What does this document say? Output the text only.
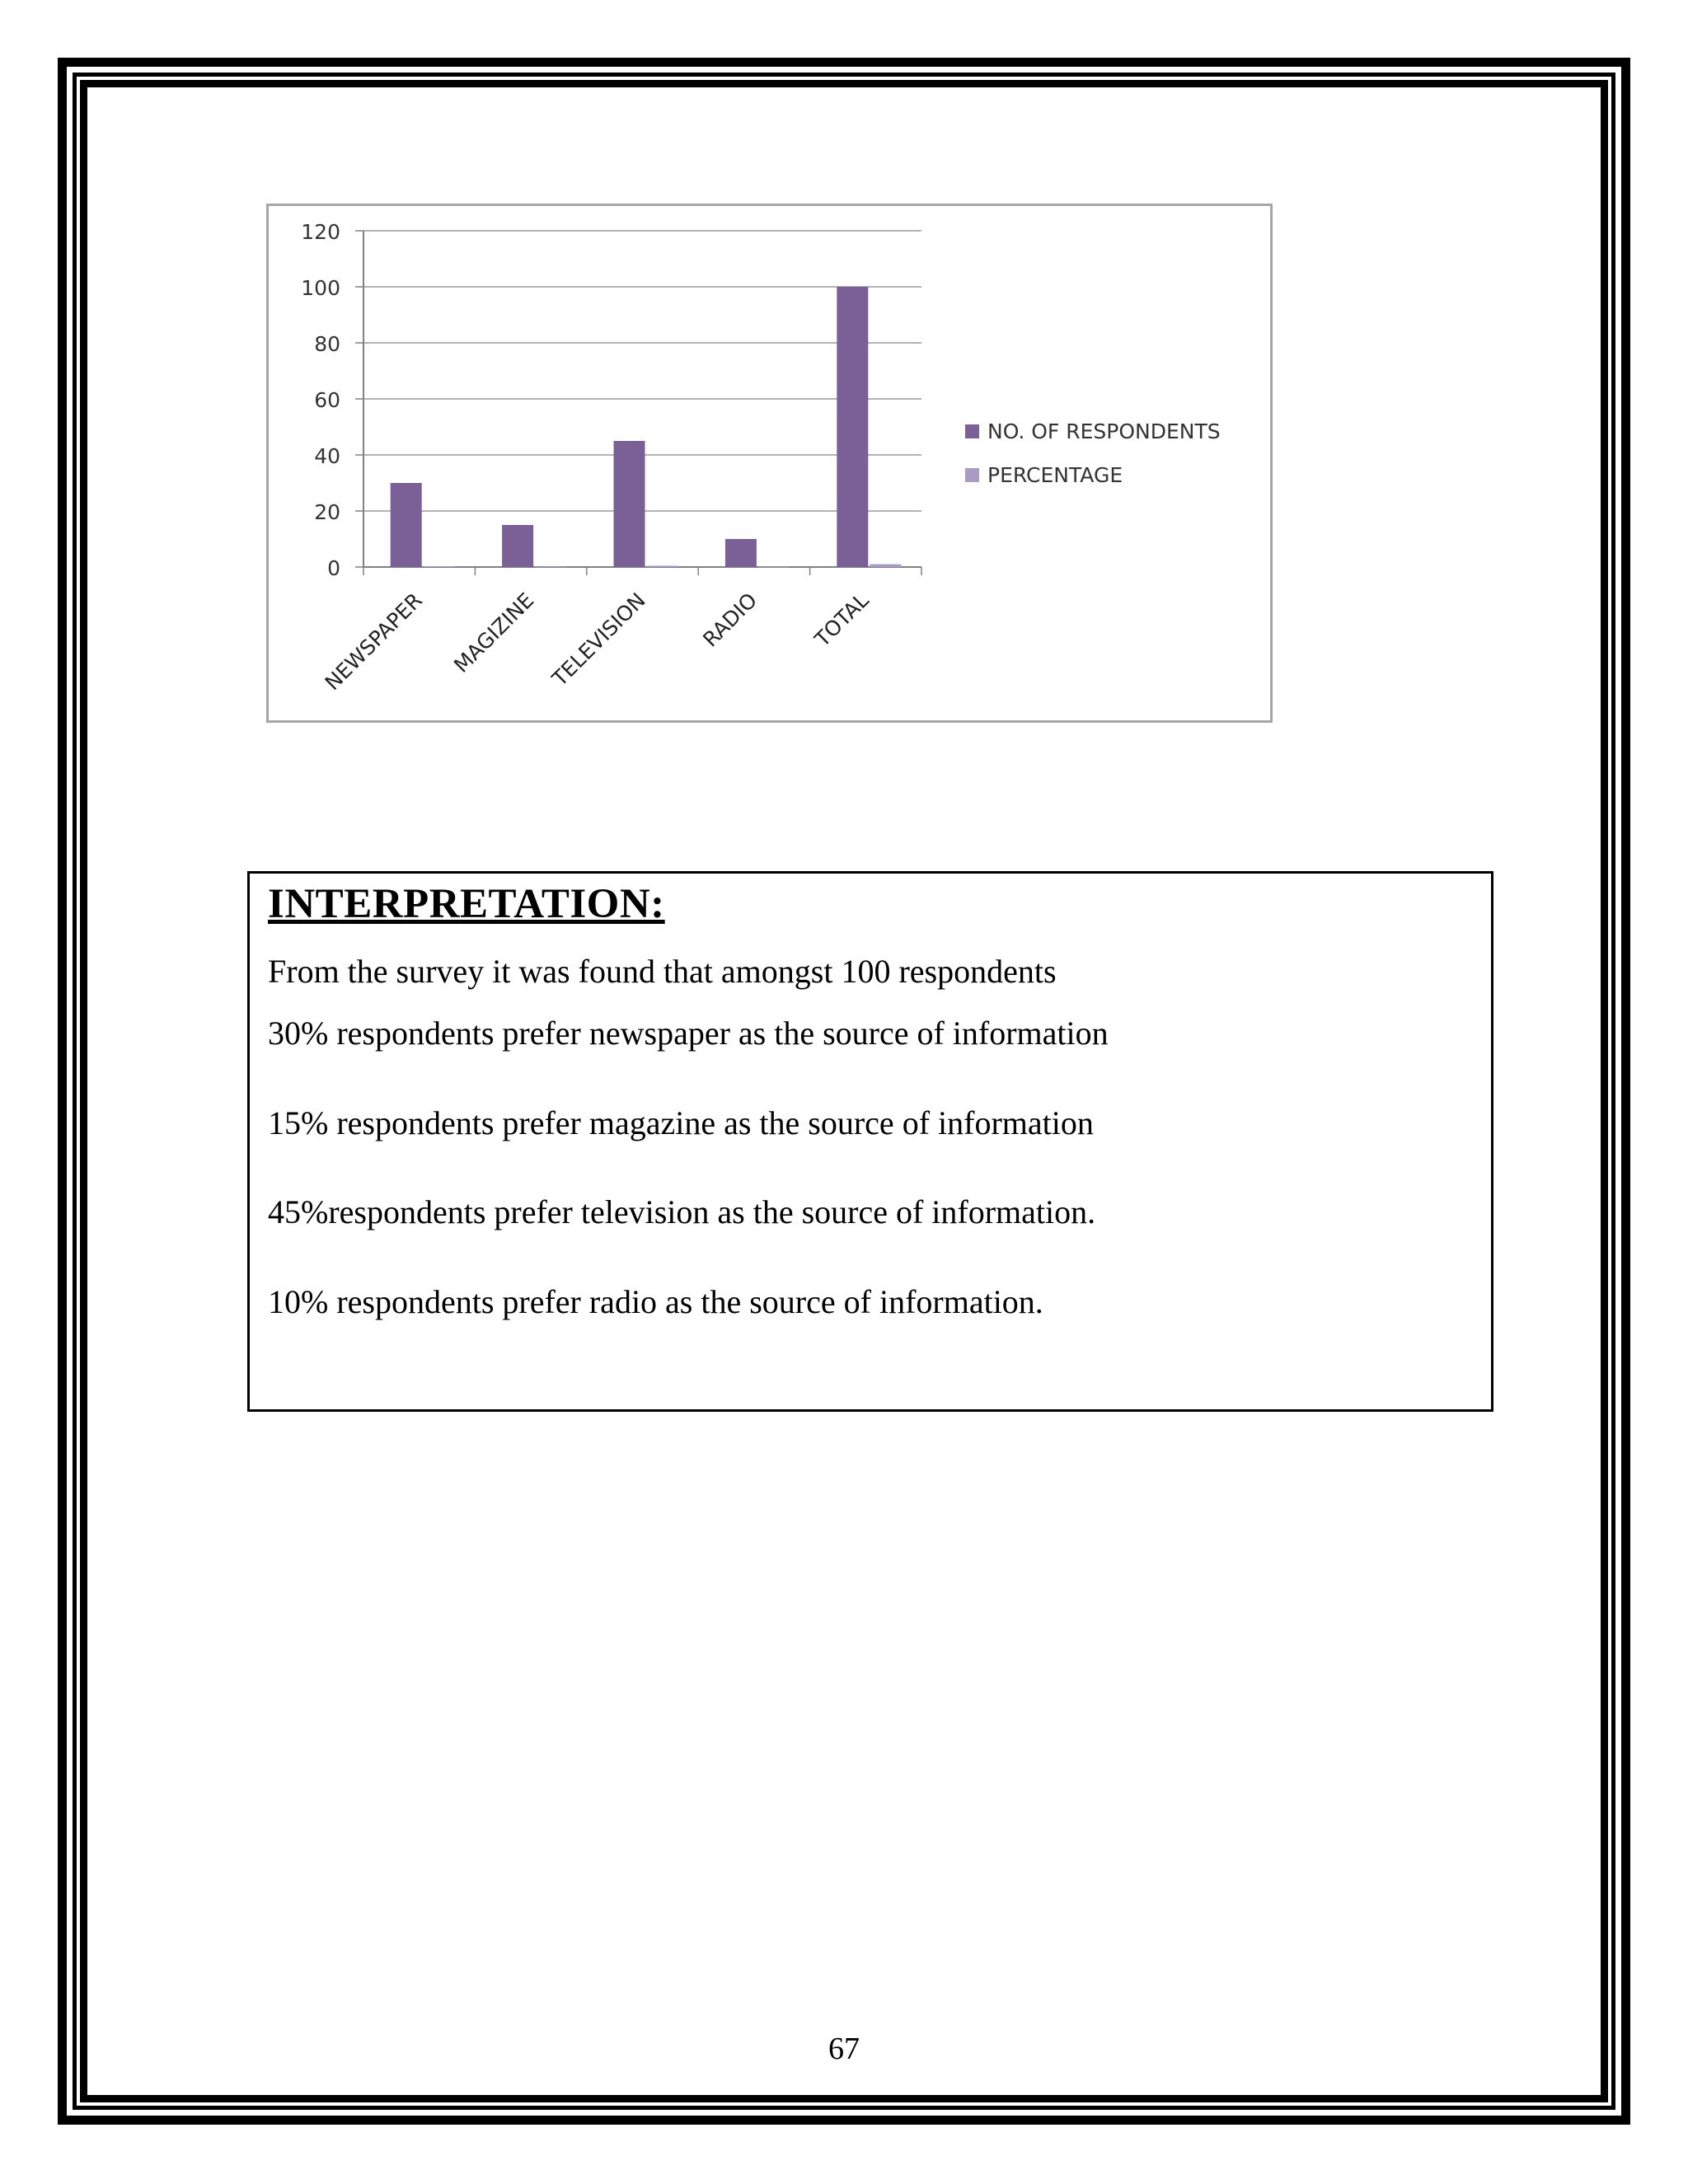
0
20
40
60
80
100
120
NEWSPAPER MAGIZINE TELEVISION RADIO TOTAL
NO. OF RESPONDENTS
PERCENTAGE
INTERPRETATION:

From the survey it was found that amongst 100 respondents

30% respondents prefer newspaper as the source of information

15% respondents prefer magazine as the source of information

45%respondents prefer television as the source of information.

10% respondents prefer radio as the source of information.

67
